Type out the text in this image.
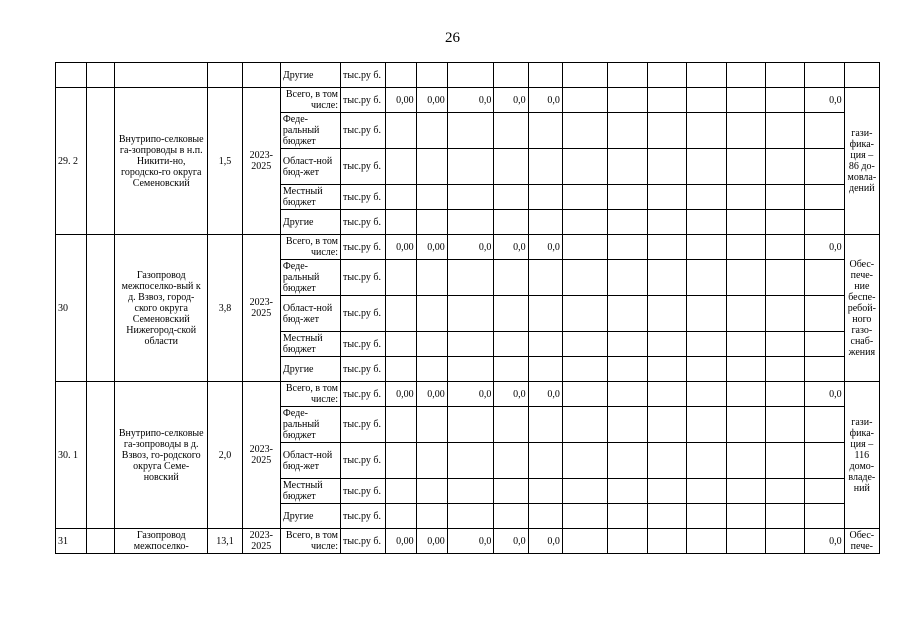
26
					Другие	тыс.ру б.													
29. 2		Внутрипо-селковые га-зопроводы в н.п. Никити-но, городско-го округа Семеновский	1,5	2023-2025	Всего, в том числе:	тыс.ру б.	0,00	0,00	0,0	0,0	0,0							0,0	гази-фика-ция – 86 до-мовла-дений
					Феде-ральный бюджет	тыс.ру б.													
					Област-ной бюд-жет	тыс.ру б.													
					Местный бюджет	тыс.ру б.													
					Другие	тыс.ру б.													
30		Газопровод межпоселко-вый к д. Взвоз, город-ского округа Семеновский Нижегород-ской области	3,8	2023-2025	Всего, в том числе:	тыс.ру б.	0,00	0,00	0,0	0,0	0,0							0,0	Обес-пече-ние беспе-ребой-ного газо-снаб-жения
					Феде-ральный бюджет	тыс.ру б.													
					Област-ной бюд-жет	тыс.ру б.													
					Местный бюджет	тыс.ру б.													
					Другие	тыс.ру б.													
30. 1		Внутрипо-селковые га-зопроводы в д. Взвоз, го-родского округа Семе-новский	2,0	2023-2025	Всего, в том числе:	тыс.ру б.	0,00	0,00	0,0	0,0	0,0							0,0	гази-фика-ция – 116 домо-владе-ний
					Феде-ральный бюджет	тыс.ру б.													
					Област-ной бюд-жет	тыс.ру б.													
					Местный бюджет	тыс.ру б.													
					Другие	тыс.ру б.													
31		Газопровод межпоселко-	13,1	2023-2025	Всего, в том числе:	тыс.ру б.	0,00	0,00	0,0	0,0	0,0							0,0	Обес-пече-
